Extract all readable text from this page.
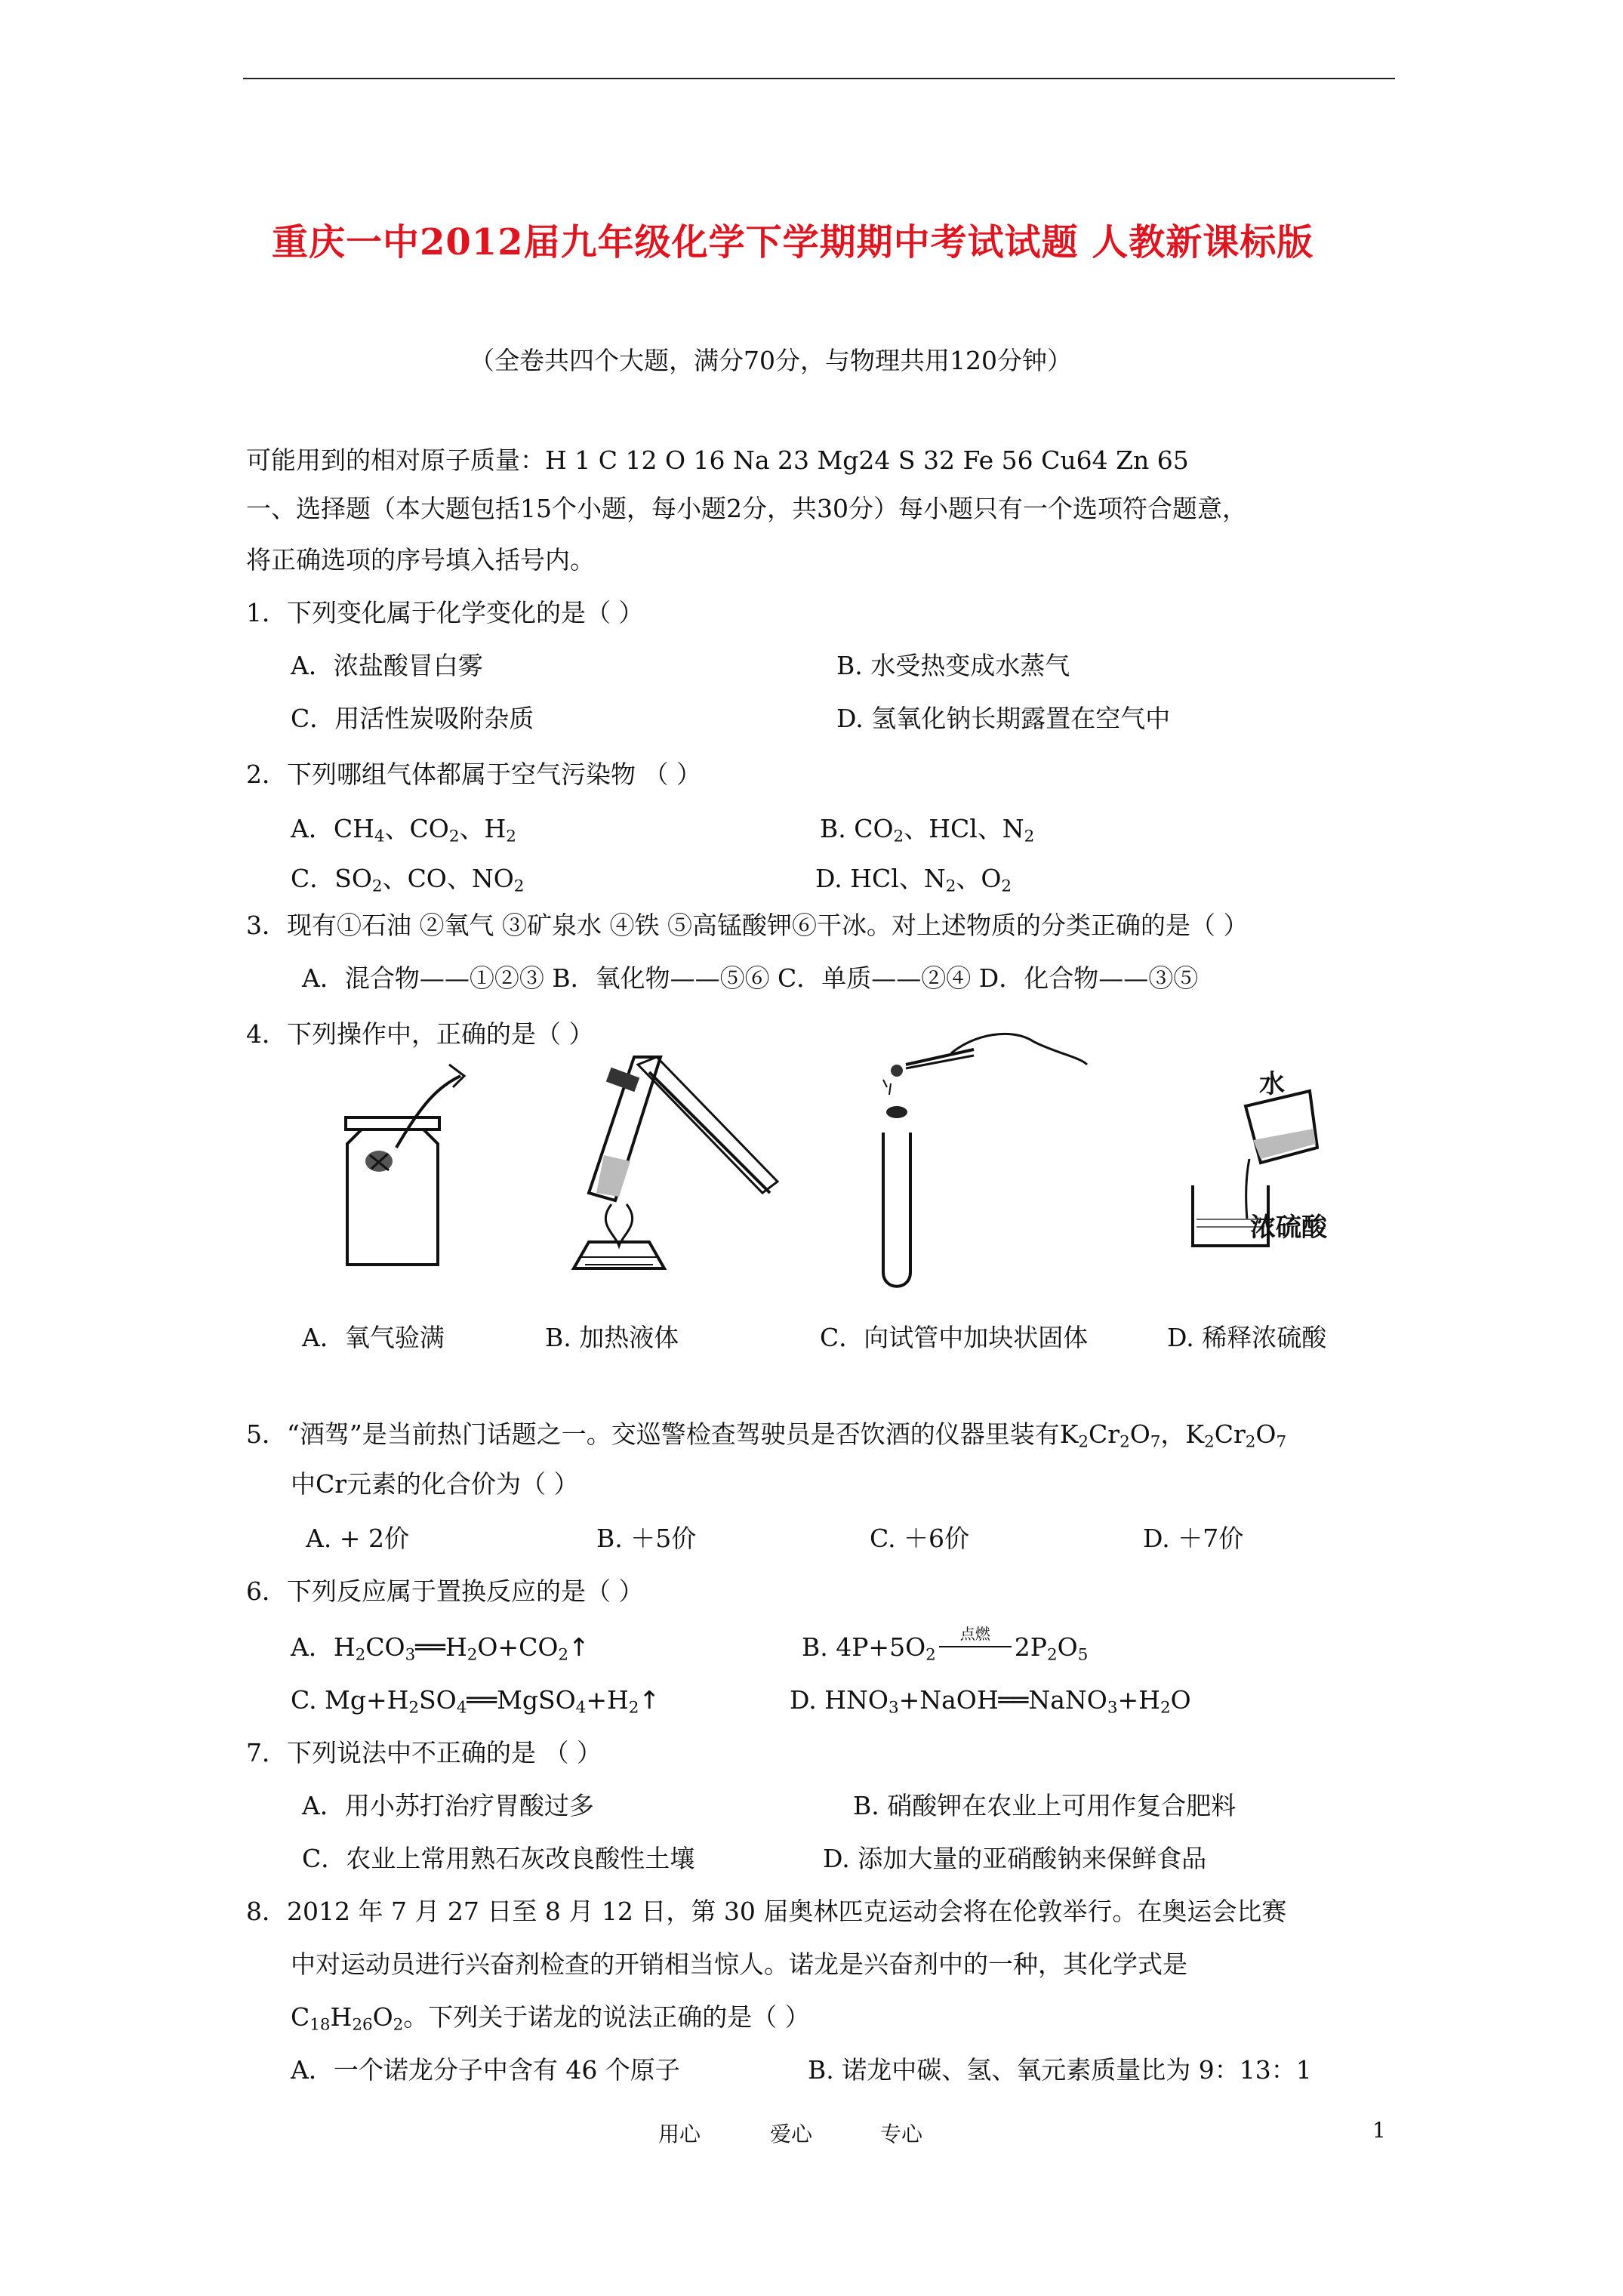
重庆一中2012届九年级化学下学期期中考试试题 人教新课标版
（全卷共四个大题，满分70分，与物理共用120分钟）
可能用到的相对原子质量：H 1 C 12 O 16 Na 23 Mg24 S 32 Fe 56 Cu64 Zn 65
一、选择题（本大题包括15个小题，每小题2分，共30分）每小题只有一个选项符合题意，
将正确选项的序号填入括号内。
1．下列变化属于化学变化的是（ ）
A．浓盐酸冒白雾	B. 水受热变成水蒸气
C．用活性炭吸附杂质	D. 氢氧化钠长期露置在空气中
2．下列哪组气体都属于空气污染物 （ ）
A．$CH_4$、$CO_2$、$H_2$	B. $CO_2$、HCl、$N_2$
C．$SO_2$、CO、$NO_2$	D. HCl、$N_2$、$O_2$
3．现有①石油 ②氧气 ③矿泉水 ④铁 ⑤高锰酸钾⑥干冰。对上述物质的分类正确的是（ ）
A．混合物——①②③ B．氧化物——⑤⑥ C．单质——②④ D．化合物——③⑤
4．下列操作中，正确的是（ ）
水
浓硫酸
A．氧气验满	B. 加热液体	C．向试管中加块状固体	D. 稀释浓硫酸
5．“酒驾”是当前热门话题之一。交巡警检查驾驶员是否饮酒的仪器里装有$K_2Cr_2O_7$，$K_2Cr_2O_7$
中Cr元素的化合价为（ ）
A. + 2价	B. ＋5价	C. ＋6价	D. ＋7价
6．下列反应属于置换反应的是（ ）
A．$H_2CO_3══H_2O+CO_2↑$	B. $4P+5O_2$
点燃 $2P_2O_5$
C. $Mg+H_2SO_4══MgSO_4+H_2↑$	D. $HNO_3+NaOH══NaNO_3+H_2O$
7．下列说法中不正确的是 （ ）
A．用小苏打治疗胃酸过多	B. 硝酸钾在农业上可用作复合肥料
C．农业上常用熟石灰改良酸性土壤	D. 添加大量的亚硝酸钠来保鲜食品
8．2012 年 7 月 27 日至 8 月 12 日，第 30 届奥林匹克运动会将在伦敦举行。在奥运会比赛
中对运动员进行兴奋剂检查的开销相当惊人。诺龙是兴奋剂中的一种，其化学式是
$C_{18}H_{26}O_2$。下列关于诺龙的说法正确的是（ ）
A．一个诺龙分子中含有 46 个原子	B. 诺龙中碳、氢、氧元素质量比为 9：13：1
用心	爱心	专心	1
